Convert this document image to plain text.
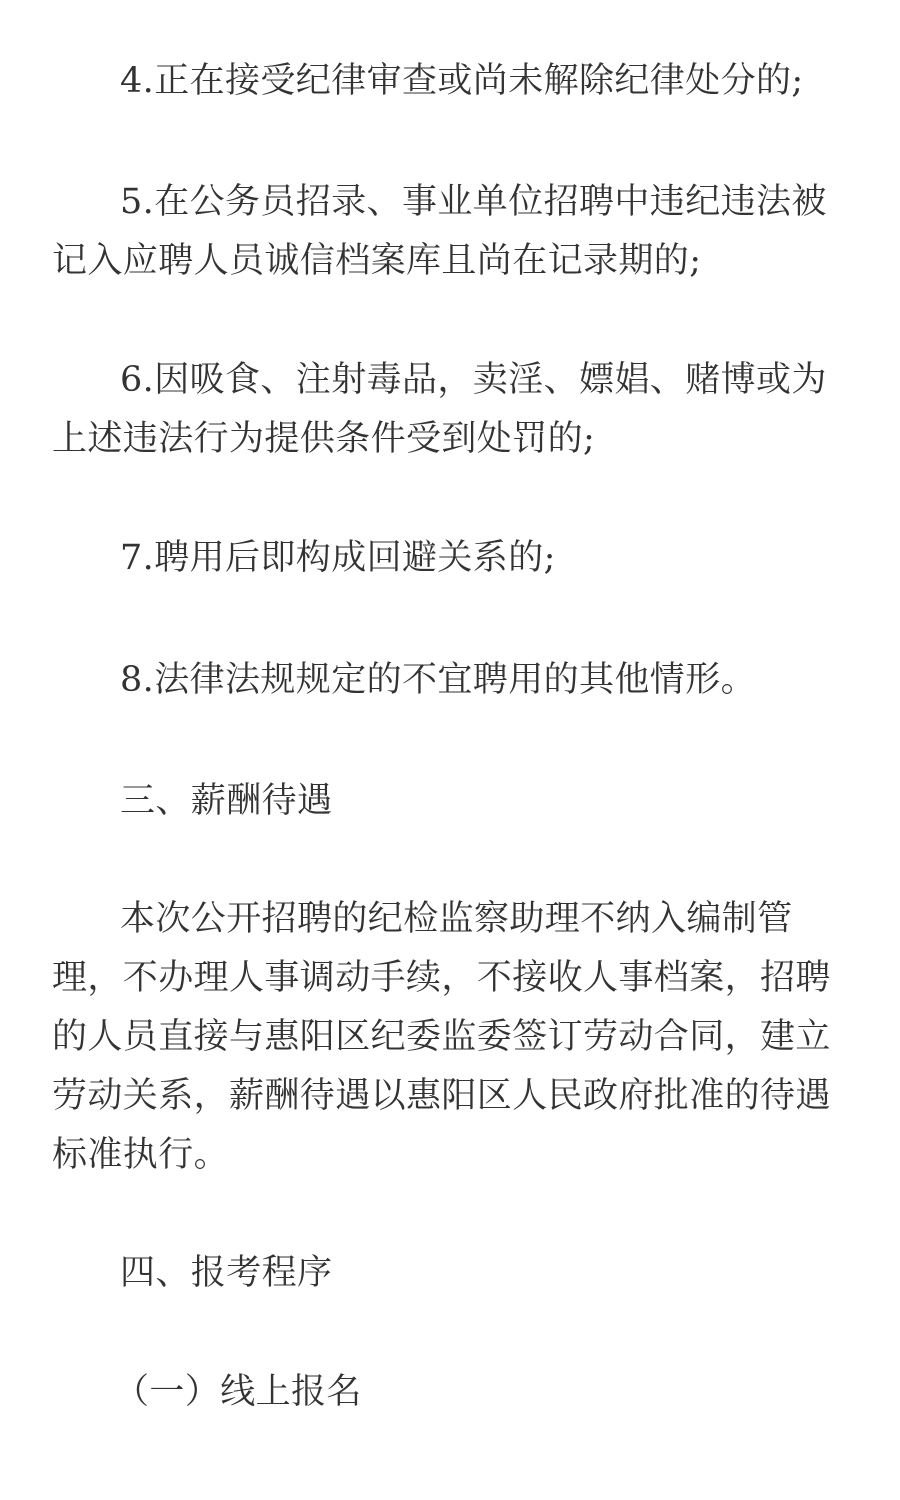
4.正在接受纪律审查或尚未解除纪律处分的;

5.在公务员招录、事业单位招聘中违纪违法被记入应聘人员诚信档案库且尚在记录期的;

6.因吸食、注射毒品，卖淫、嫖娼、赌博或为上述违法行为提供条件受到处罚的;

7.聘用后即构成回避关系的;

8.法律法规规定的不宜聘用的其他情形。

三、薪酬待遇

本次公开招聘的纪检监察助理不纳入编制管理，不办理人事调动手续，不接收人事档案，招聘的人员直接与惠阳区纪委监委签订劳动合同，建立劳动关系，薪酬待遇以惠阳区人民政府批准的待遇标准执行。

四、报考程序

（一）线上报名
